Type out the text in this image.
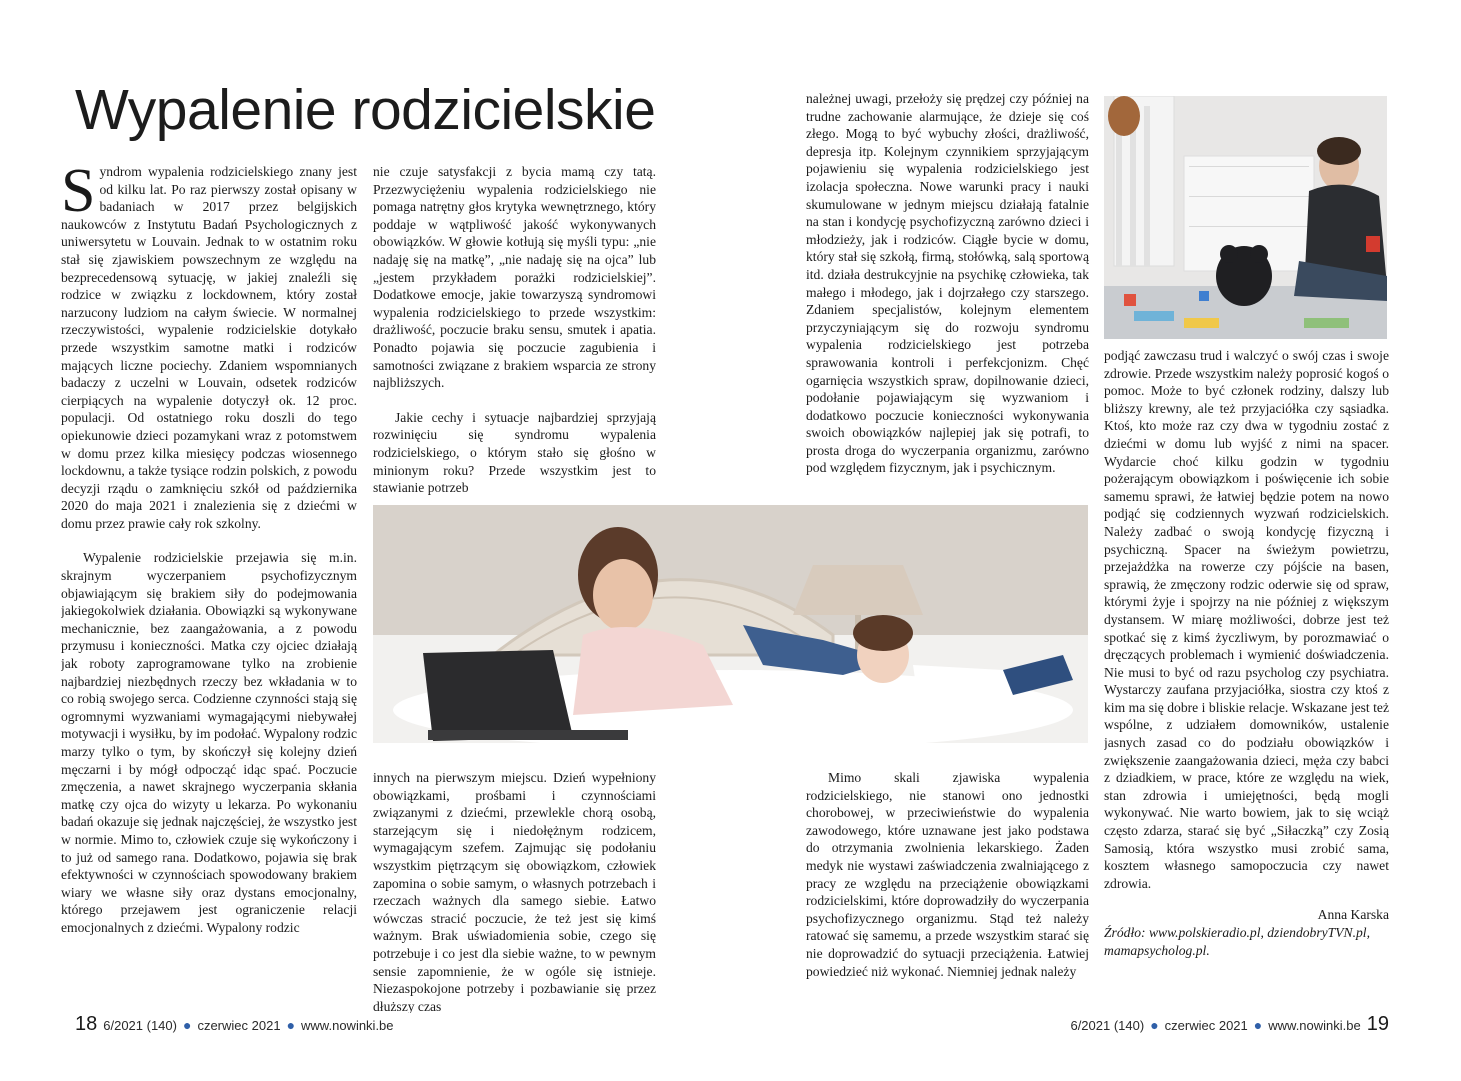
Wypalenie rodzicielskie

Syndrom wypalenia rodzicielskiego znany jest od kilku lat. Po raz pierwszy został opisany w badaniach w 2017 przez belgijskich naukowców z Instytutu Badań Psychologicznych z uniwersytetu w Louvain. Jednak to w ostatnim roku stał się zjawiskiem powszechnym ze względu na bezprecedensową sytuację, w jakiej znaleźli się rodzice w związku z lockdownem, który został narzucony ludziom na całym świecie. W normalnej rzeczywistości, wypalenie rodzicielskie dotykało przede wszystkim samotne matki i rodziców mających liczne pociechy. Zdaniem wspomnianych badaczy z uczelni w Louvain, odsetek rodziców cierpiących na wypalenie dotyczył ok. 12 proc. populacji. Od ostatniego roku doszli do tego opiekunowie dzieci pozamykani wraz z potomstwem w domu przez kilka miesięcy podczas wiosennego lockdownu, a także tysiące rodzin polskich, z powodu decyzji rządu o zamknięciu szkół od października 2020 do maja 2021 i znalezienia się z dziećmi w domu przez prawie cały rok szkolny.

Wypalenie rodzicielskie przejawia się m.in. skrajnym wyczerpaniem psychofizycznym objawiającym się brakiem siły do podejmowania jakiegokolwiek działania. Obowiązki są wykonywane mechanicznie, bez zaangażowania, a z powodu przymusu i konieczności. Matka czy ojciec działają jak roboty zaprogramowane tylko na zrobienie najbardziej niezbędnych rzeczy bez wkładania w to co robią swojego serca. Codzienne czynności stają się ogromnymi wyzwaniami wymagającymi niebywałej motywacji i wysiłku, by im podołać. Wypalony rodzic marzy tylko o tym, by skończył się kolejny dzień męczarni i by mógł odpocząć idąc spać. Poczucie zmęczenia, a nawet skrajnego wyczerpania skłania matkę czy ojca do wizyty u lekarza. Po wykonaniu badań okazuje się jednak najczęściej, że wszystko jest w normie. Mimo to, człowiek czuje się wykończony i to już od samego rana. Dodatkowo, pojawia się brak efektywności w czynnościach spowodowany brakiem wiary we własne siły oraz dystans emocjonalny, którego przejawem jest ograniczenie relacji emocjonalnych z dziećmi. Wypalony rodzic

nie czuje satysfakcji z bycia mamą czy tatą. Przezwyciężeniu wypalenia rodzicielskiego nie pomaga natrętny głos krytyka wewnętrznego, który poddaje w wątpliwość jakość wykonywanych obowiązków. W głowie kotłują się myśli typu: „nie nadaję się na matkę”, „nie nadaję się na ojca” lub „jestem przykładem porażki rodzicielskiej”. Dodatkowe emocje, jakie towarzyszą syndromowi wypalenia rodzicielskiego to przede wszystkim: drażliwość, poczucie braku sensu, smutek i apatia. Ponadto pojawia się poczucie zagubienia i samotności związane z brakiem wsparcia ze strony najbliższych.

Jakie cechy i sytuacje najbardziej sprzyjają rozwinięciu się syndromu wypalenia rodzicielskiego, o którym stało się głośno w minionym roku? Przede wszystkim jest to stawianie potrzeb

innych na pierwszym miejscu. Dzień wypełniony obowiązkami, prośbami i czynnościami związanymi z dziećmi, przewlekle chorą osobą, starzejącym się i niedołężnym rodzicem, wymagającym szefem. Zajmując się podołaniu wszystkim piętrzącym się obowiązkom, człowiek zapomina o sobie samym, o własnych potrzebach i rzeczach ważnych dla samego siebie. Łatwo wówczas stracić poczucie, że też jest się kimś ważnym. Brak uświadomienia sobie, czego się potrzebuje i co jest dla siebie ważne, to w pewnym sensie zapomnienie, że w ogóle się istnieje. Niezaspokojone potrzeby i pozbawianie się przez dłuższy czas

należnej uwagi, przełoży się prędzej czy później na trudne zachowanie alarmujące, że dzieje się coś złego. Mogą to być wybuchy złości, drażliwość, depresja itp. Kolejnym czynnikiem sprzyjającym pojawieniu się wypalenia rodzicielskiego jest izolacja społeczna. Nowe warunki pracy i nauki skumulowane w jednym miejscu działają fatalnie na stan i kondycję psychofizyczną zarówno dzieci i młodzieży, jak i rodziców. Ciągłe bycie w domu, który stał się szkołą, firmą, stołówką, salą sportową itd. działa destrukcyjnie na psychikę człowieka, tak małego i młodego, jak i dojrzałego czy starszego. Zdaniem specjalistów, kolejnym elementem przyczyniającym się do rozwoju syndromu wypalenia rodzicielskiego jest potrzeba sprawowania kontroli i perfekcjonizm. Chęć ogarnięcia wszystkich spraw, dopilnowanie dzieci, podołanie pojawiającym się wyzwaniom i dodatkowo poczucie konieczności wykonywania swoich obowiązków najlepiej jak się potrafi, to prosta droga do wyczerpania organizmu, zarówno pod względem fizycznym, jak i psychicznym.

Mimo skali zjawiska wypalenia rodzicielskiego, nie stanowi ono jednostki chorobowej, w przeciwieństwie do wypalenia zawodowego, które uznawane jest jako podstawa do otrzymania zwolnienia lekarskiego. Żaden medyk nie wystawi zaświadczenia zwalniającego z pracy ze względu na przeciążenie obowiązkami rodzicielskimi, które doprowadziły do wyczerpania psychofizycznego organizmu. Stąd też należy ratować się samemu, a przede wszystkim starać się nie doprowadzić do sytuacji przeciążenia. Łatwiej powiedzieć niż wykonać. Niemniej jednak należy

podjąć zawczasu trud i walczyć o swój czas i swoje zdrowie. Przede wszystkim należy poprosić kogoś o pomoc. Może to być członek rodziny, dalszy lub bliższy krewny, ale też przyjaciółka czy sąsiadka. Ktoś, kto może raz czy dwa w tygodniu zostać z dziećmi w domu lub wyjść z nimi na spacer. Wydarcie choć kilku godzin w tygodniu pożerającym obowiązkom i poświęcenie ich sobie samemu sprawi, że łatwiej będzie potem na nowo podjąć się codziennych wyzwań rodzicielskich. Należy zadbać o swoją kondycję fizyczną i psychiczną. Spacer na świeżym powietrzu, przejażdżka na rowerze czy pójście na basen, sprawią, że zmęczony rodzic oderwie się od spraw, którymi żyje i spojrzy na nie później z większym dystansem. W miarę możliwości, dobrze jest też spotkać się z kimś życzliwym, by porozmawiać o dręczących problemach i wymienić doświadczenia. Nie musi to być od razu psycholog czy psychiatra. Wystarczy zaufana przyjaciółka, siostra czy ktoś z kim ma się dobre i bliskie relacje. Wskazane jest też wspólne, z udziałem domowników, ustalenie jasnych zasad co do podziału obowiązków i zwiększenie zaangażowania dzieci, męża czy babci z dziadkiem, w prace, które ze względu na wiek, stan zdrowia i umiejętności, będą mogli wykonywać. Nie warto bowiem, jak to się wciąż często zdarza, starać się być „Siłaczką” czy Zosią Samosią, która wszystko musi zrobić sama, kosztem własnego samopoczucia czy nawet zdrowia.

Anna Karska

Źródło: www.polskieradio.pl, dziendobryTVN.pl, mamapsycholog.pl.

18 6/2021 (140) ● czerwiec 2021 ● www.nowinki.be	6/2021 (140) ● czerwiec 2021 ● www.nowinki.be 19
